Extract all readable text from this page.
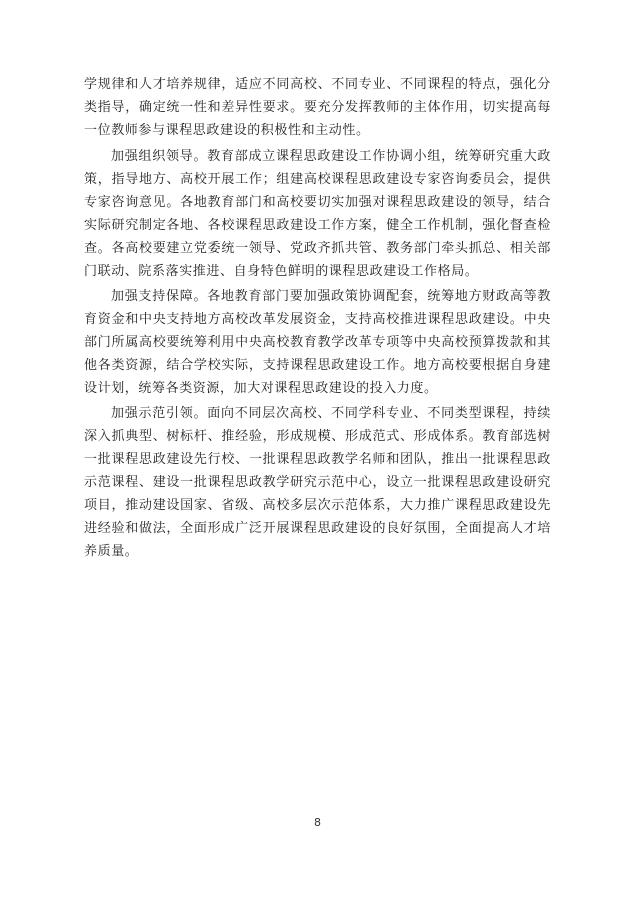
学规律和人才培养规律，适应不同高校、不同专业、不同课程的特点，强化分类指导，确定统一性和差异性要求。要充分发挥教师的主体作用，切实提高每一位教师参与课程思政建设的积极性和主动性。

加强组织领导。教育部成立课程思政建设工作协调小组，统筹研究重大政策，指导地方、高校开展工作；组建高校课程思政建设专家咨询委员会，提供专家咨询意见。各地教育部门和高校要切实加强对课程思政建设的领导，结合实际研究制定各地、各校课程思政建设工作方案，健全工作机制，强化督查检查。各高校要建立党委统一领导、党政齐抓共管、教务部门牵头抓总、相关部门联动、院系落实推进、自身特色鲜明的课程思政建设工作格局。

加强支持保障。各地教育部门要加强政策协调配套，统筹地方财政高等教育资金和中央支持地方高校改革发展资金，支持高校推进课程思政建设。中央部门所属高校要统筹利用中央高校教育教学改革专项等中央高校预算拨款和其他各类资源，结合学校实际，支持课程思政建设工作。地方高校要根据自身建设计划，统筹各类资源，加大对课程思政建设的投入力度。

加强示范引领。面向不同层次高校、不同学科专业、不同类型课程，持续深入抓典型、树标杆、推经验，形成规模、形成范式、形成体系。教育部选树一批课程思政建设先行校、一批课程思政教学名师和团队，推出一批课程思政示范课程、建设一批课程思政教学研究示范中心，设立一批课程思政建设研究项目，推动建设国家、省级、高校多层次示范体系，大力推广课程思政建设先进经验和做法，全面形成广泛开展课程思政建设的良好氛围，全面提高人才培养质量。

8
